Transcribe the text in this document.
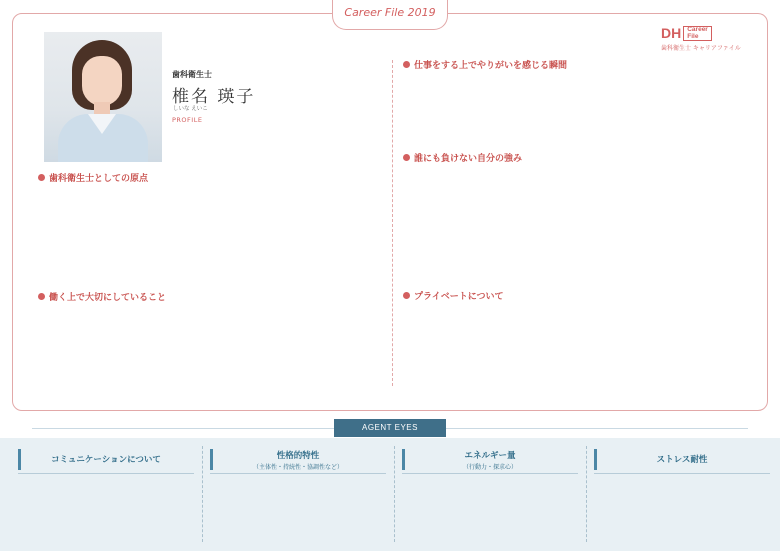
Career File 2019
DH Career
File
歯科衛生士 キャリアファイル
歯科衛生士
椎名 瑛子
しいな えいこ
PROFILE
歯科衛生士としての原点
働く上で大切にしていること
仕事をする上でやりがいを感じる瞬間
誰にも負けない自分の強み
プライベートについて
AGENT EYES
コミュニケーションについて	性格的特性
（主体性・持続性・協調性など）
エネルギー量
（行動力・探求心）
ストレス耐性
